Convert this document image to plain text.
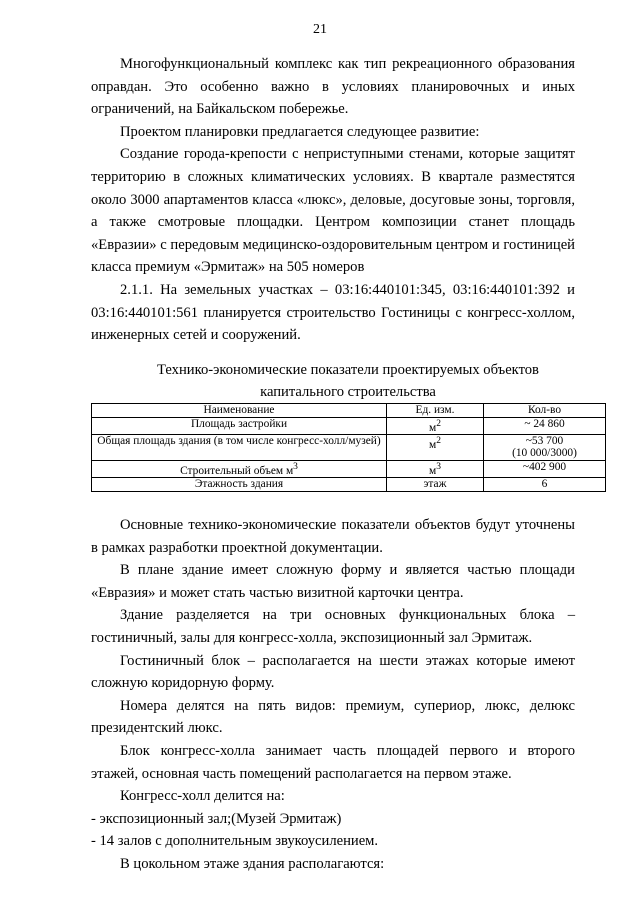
21

Многофункциональный комплекс как тип рекреационного образования оправдан. Это особенно важно в условиях планировочных и иных ограничений, на Байкальском побережье.

Проектом планировки предлагается следующее развитие:

Создание города-крепости с неприступными стенами, которые защитят территорию в сложных климатических условиях. В квартале разместятся около 3000 апартаментов класса «люкс», деловые, досуговые зоны, торговля, а также смотровые площадки. Центром композиции станет площадь «Евразии» с передовым медицинско-оздоровительным центром и гостиницей класса премиум «Эрмитаж» на 505 номеров

2.1.1. На земельных участках – 03:16:440101:345, 03:16:440101:392 и 03:16:440101:561 планируется строительство Гостиницы с конгресс-холлом, инженерных сетей и сооружений.

Технико-экономические показатели проектируемых объектов
капитального строительства
Наименование	Ед. изм.	Кол-во
Площадь застройки	$м^2$	~ 24 860
Общая площадь здания (в том числе конгресс-холл/музей)	$м^2$	~53 700
(10 000/3000)

Строительный объем $м^3$	$м^3$	~402 900
Этажность здания	этаж	6

Основные технико-экономические показатели объектов будут уточнены в рамках разработки проектной документации.

В плане здание имеет сложную форму и является частью площади «Евразия» и может стать частью визитной карточки центра.

Здание разделяется на три основных функциональных блока – гостиничный, залы для конгресс-холла, экспозиционный зал Эрмитаж.

Гостиничный блок – располагается на шести этажах которые имеют сложную коридорную форму.

Номера делятся на пять видов: премиум, супериор, люкс, делюкс президентский люкс.

Блок конгресс-холла занимает часть площадей первого и второго этажей, основная часть помещений располагается на первом этаже.

Конгресс-холл делится на:

- экспозиционный зал;(Музей Эрмитаж)

- 14 залов с дополнительным звукоусилением.

В цокольном этаже здания располагаются:
